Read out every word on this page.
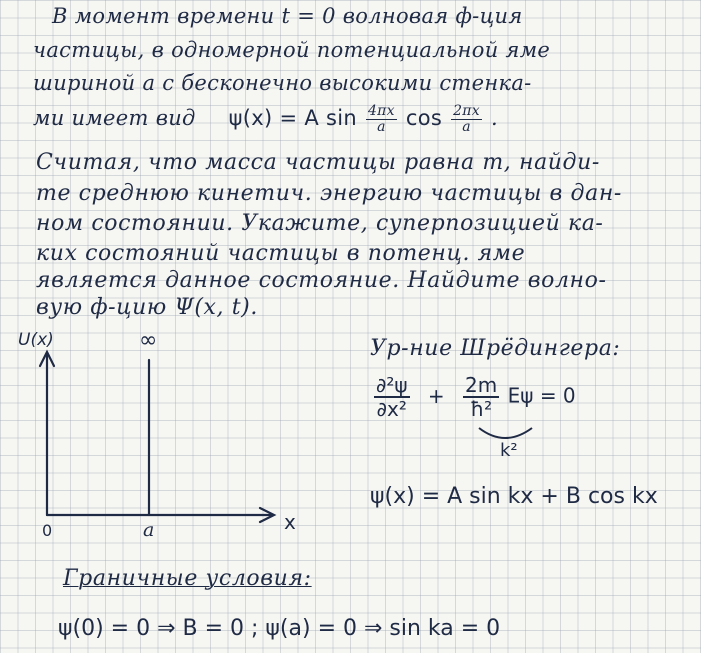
В момент времени t = 0 волновая ф-ция
частицы, в одномерной потенциальной яме
шириной a с бесконечно высокими стенка-
ми имеет вид ψ(x) = A $\sin \frac{4\pi x}{a}$ $\cos \frac{2\pi x}{a}$ .
Считая, что масса частицы равна m, найди-
те среднюю кинетич. энергию частицы в дан-
ном состоянии. Укажите, суперпозицией ка-
ких состояний частицы в потенц. яме
является данное состояние. Найдите волно-
вую ф-цию Ψ(x, t).
U(x)	∞
0	a	x
Ур-ние Шрёдингера:
$\frac{\text{∂²ψ}}{\text{∂x²}} + \frac{2m}{\text{ħ²}}$ Eψ = 0
k²
ψ(x) = A sin kx + B cos kx
Граничные условия:
ψ(0) = 0 ⇒ B = 0 ; ψ(a) = 0 ⇒ sin ka = 0
